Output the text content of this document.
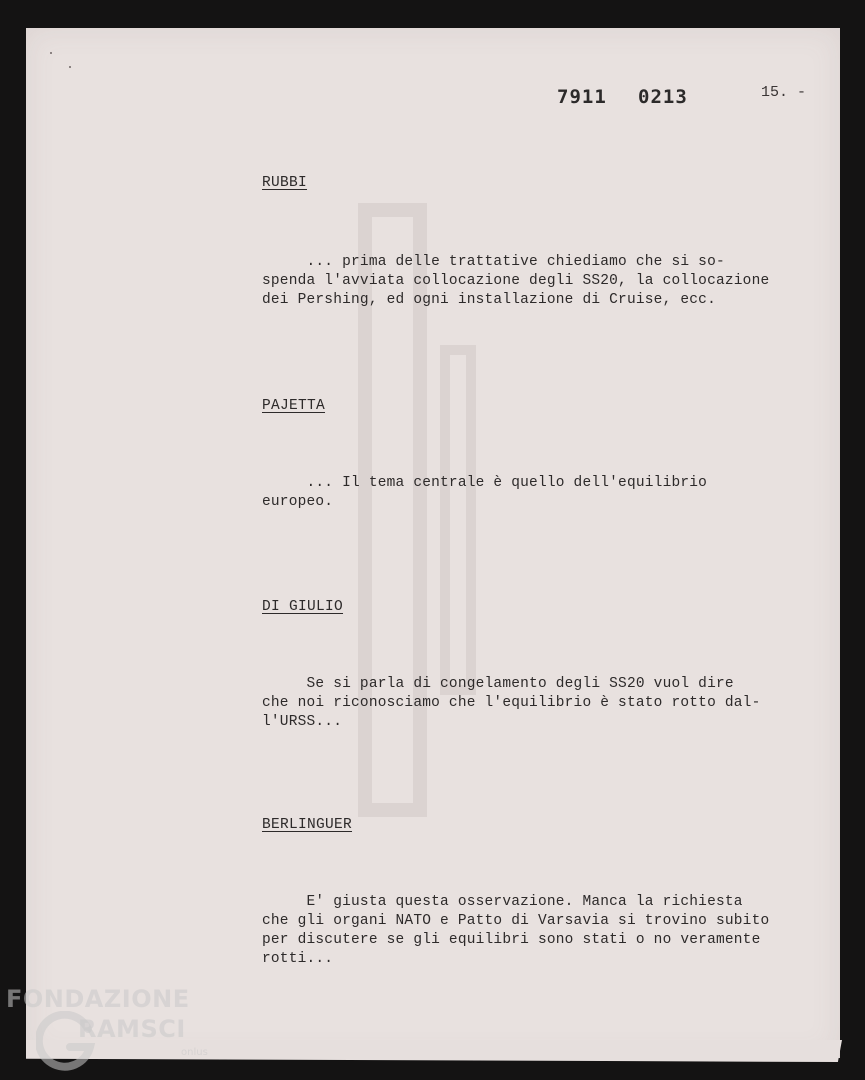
7911 0213	15. -
RUBBI

... prima delle trattative chiediamo che si so-
spenda l'avviata collocazione degli SS20, la collocazione
dei Pershing, ed ogni installazione di Cruise, ecc.
PAJETTA

... Il tema centrale è quello dell'equilibrio
europeo.
DI GIULIO

Se si parla di congelamento degli SS20 vuol dire
che noi riconosciamo che l'equilibrio è stato rotto dal-
l'URSS...
BERLINGUER

E' giusta questa osservazione. Manca la richiesta
che gli organi NATO e Patto di Varsavia si trovino subito
per discutere se gli equilibri sono stati o no veramente
rotti...
FONDAZIONE
RAMSCI
onlus
